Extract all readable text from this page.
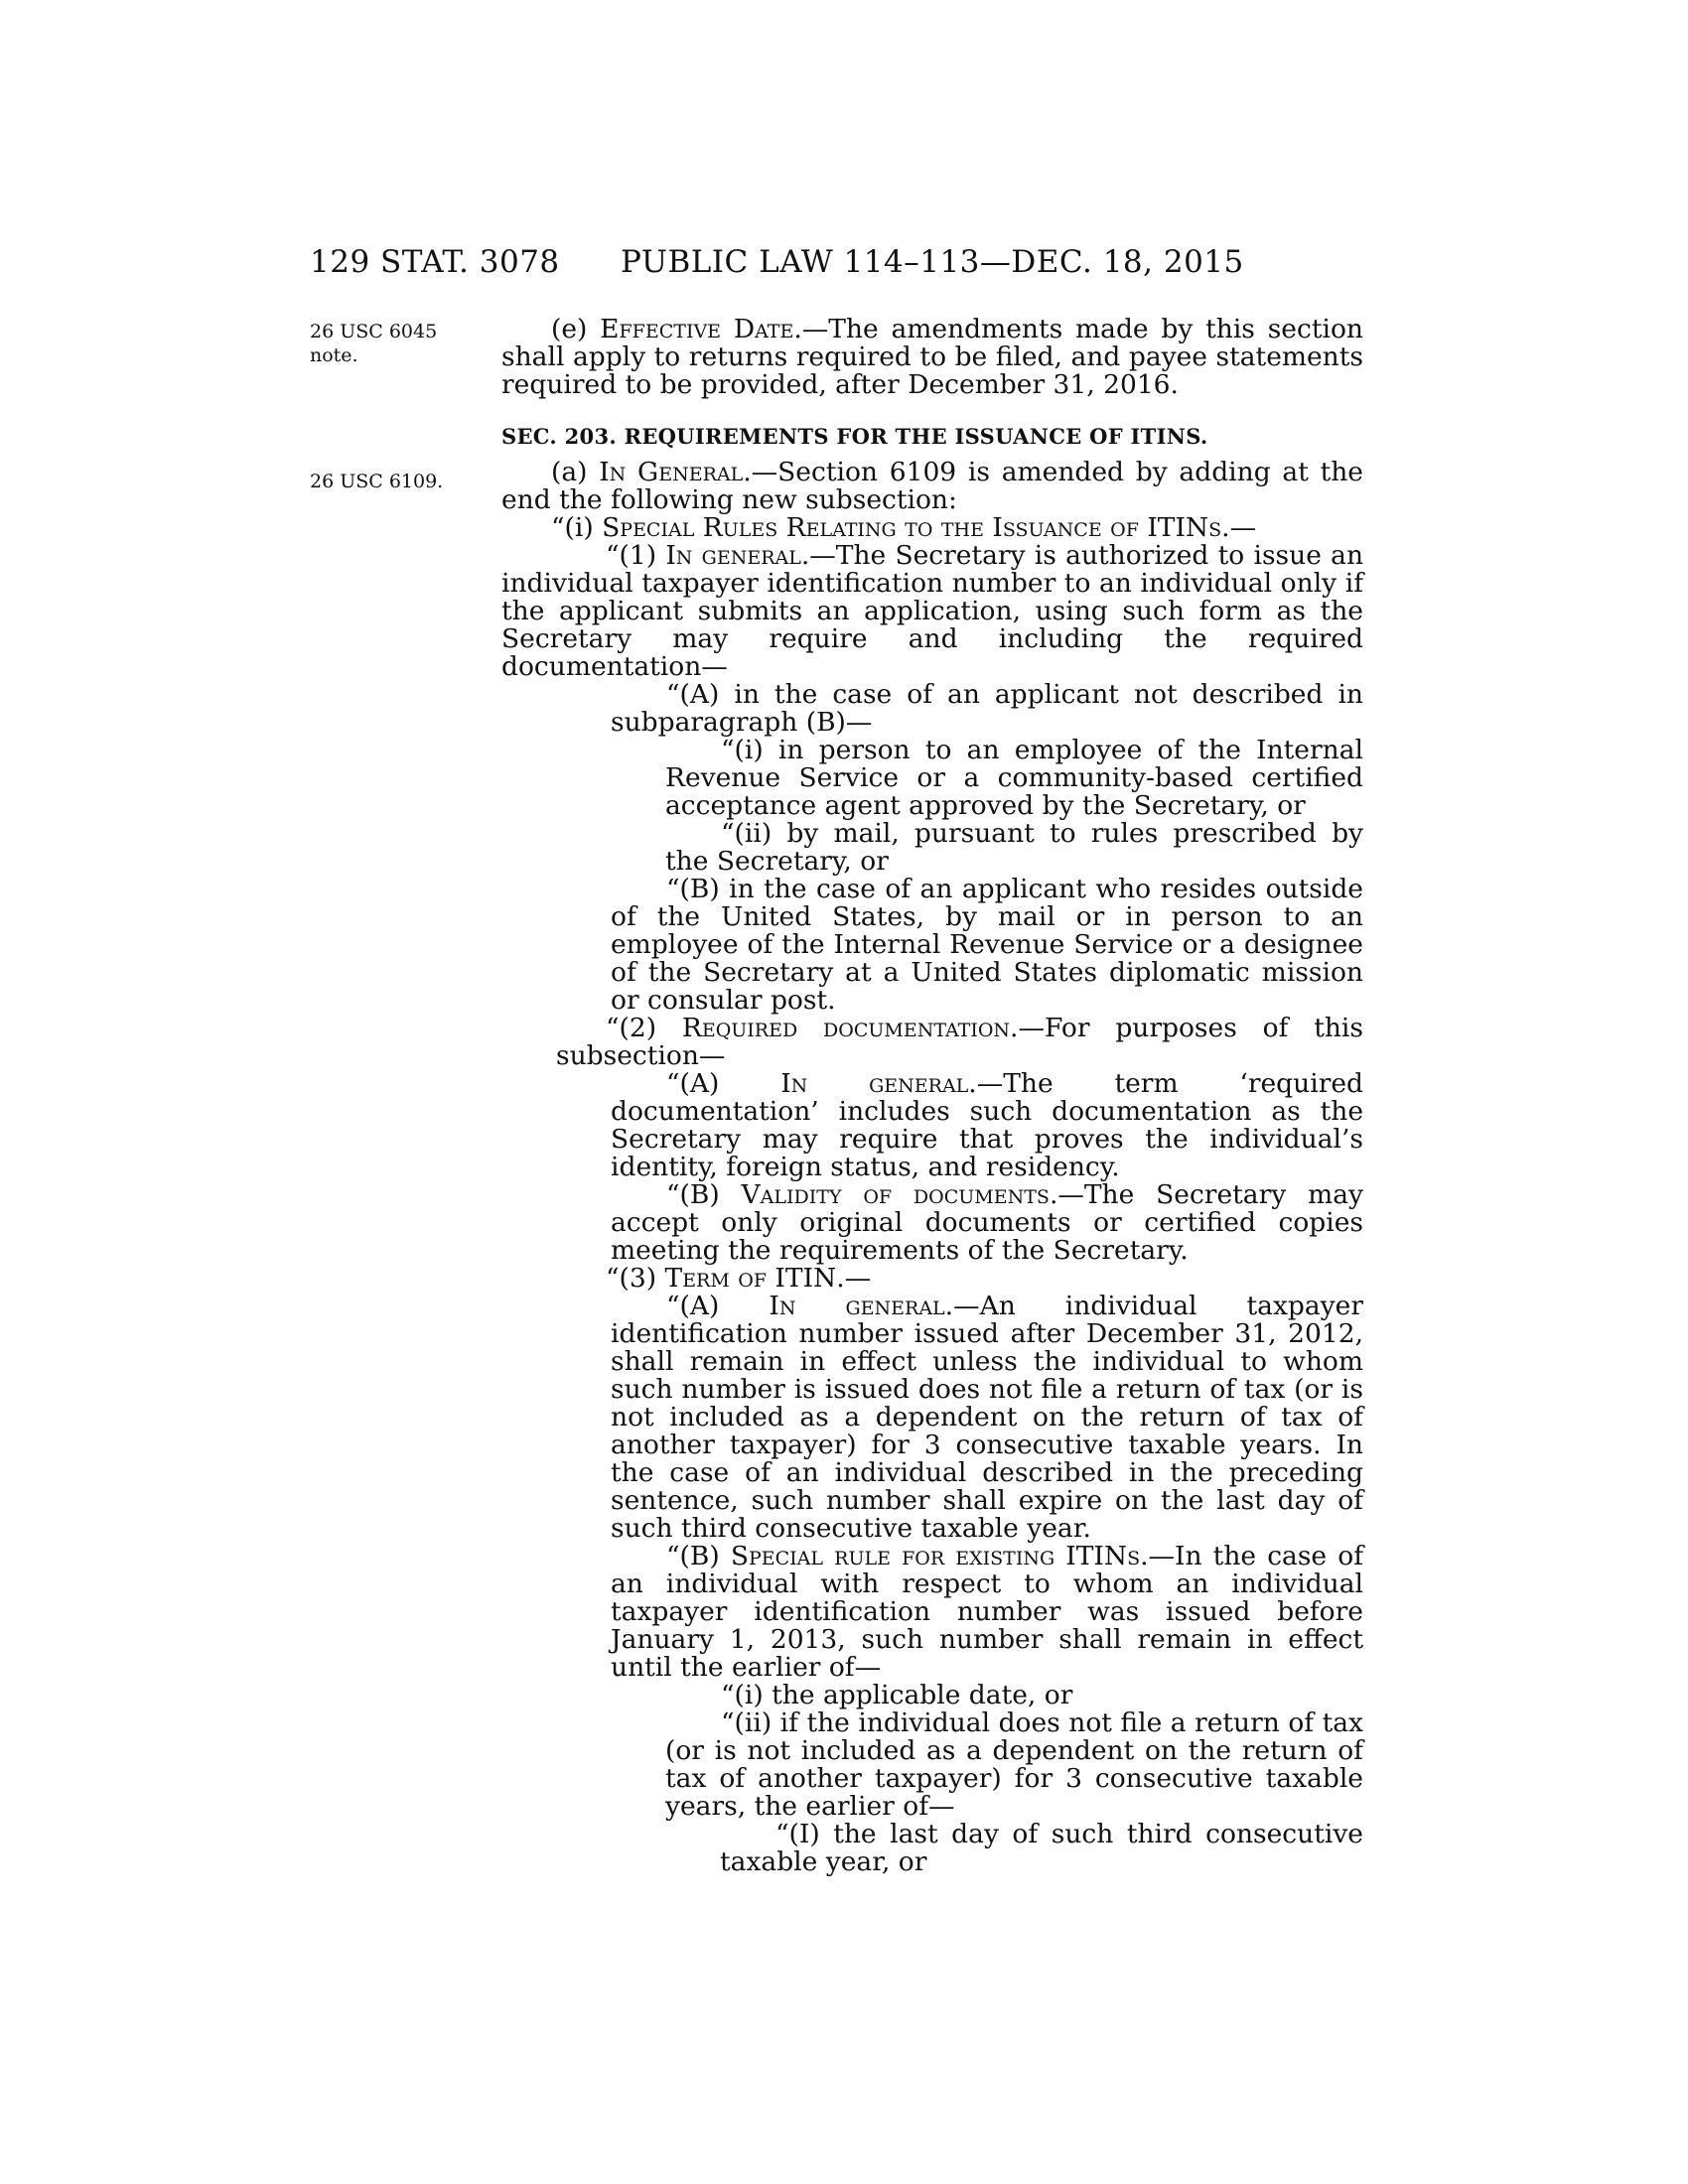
129 STAT. 3078 PUBLIC LAW 114–113—DEC. 18, 2015
26 USC 6045
note.
26 USC 6109.

(e) Effective Date.—The amendments made by this section shall apply to returns required to be filed, and payee statements required to be provided, after December 31, 2016.

SEC. 203. REQUIREMENTS FOR THE ISSUANCE OF ITINS.

(a) In General.—Section 6109 is amended by adding at the end the following new subsection:

“(i) Special Rules Relating to the Issuance of ITINs.—

“(1) In general.—The Secretary is authorized to issue an individual taxpayer identification number to an individual only if the applicant submits an application, using such form as the Secretary may require and including the required documentation—

“(A) in the case of an applicant not described in subparagraph (B)—

“(i) in person to an employee of the Internal Revenue Service or a community-based certified acceptance agent approved by the Secretary, or

“(ii) by mail, pursuant to rules prescribed by the Secretary, or

“(B) in the case of an applicant who resides outside of the United States, by mail or in person to an employee of the Internal Revenue Service or a designee of the Secretary at a United States diplomatic mission or consular post.

“(2) Required documentation.—For purposes of this subsection—

“(A) In general.—The term ‘required documentation’ includes such documentation as the Secretary may require that proves the individual’s identity, foreign status, and residency.

“(B) Validity of documents.—The Secretary may accept only original documents or certified copies meeting the requirements of the Secretary.

“(3) Term of ITIN.—

“(A) In general.—An individual taxpayer identification number issued after December 31, 2012, shall remain in effect unless the individual to whom such number is issued does not file a return of tax (or is not included as a dependent on the return of tax of another taxpayer) for 3 consecutive taxable years. In the case of an individual described in the preceding sentence, such number shall expire on the last day of such third consecutive taxable year.

“(B) Special rule for existing ITINs.—In the case of an individual with respect to whom an individual taxpayer identification number was issued before January 1, 2013, such number shall remain in effect until the earlier of—

“(i) the applicable date, or

“(ii) if the individual does not file a return of tax (or is not included as a dependent on the return of tax of another taxpayer) for 3 consecutive taxable years, the earlier of—

“(I) the last day of such third consecutive taxable year, or
